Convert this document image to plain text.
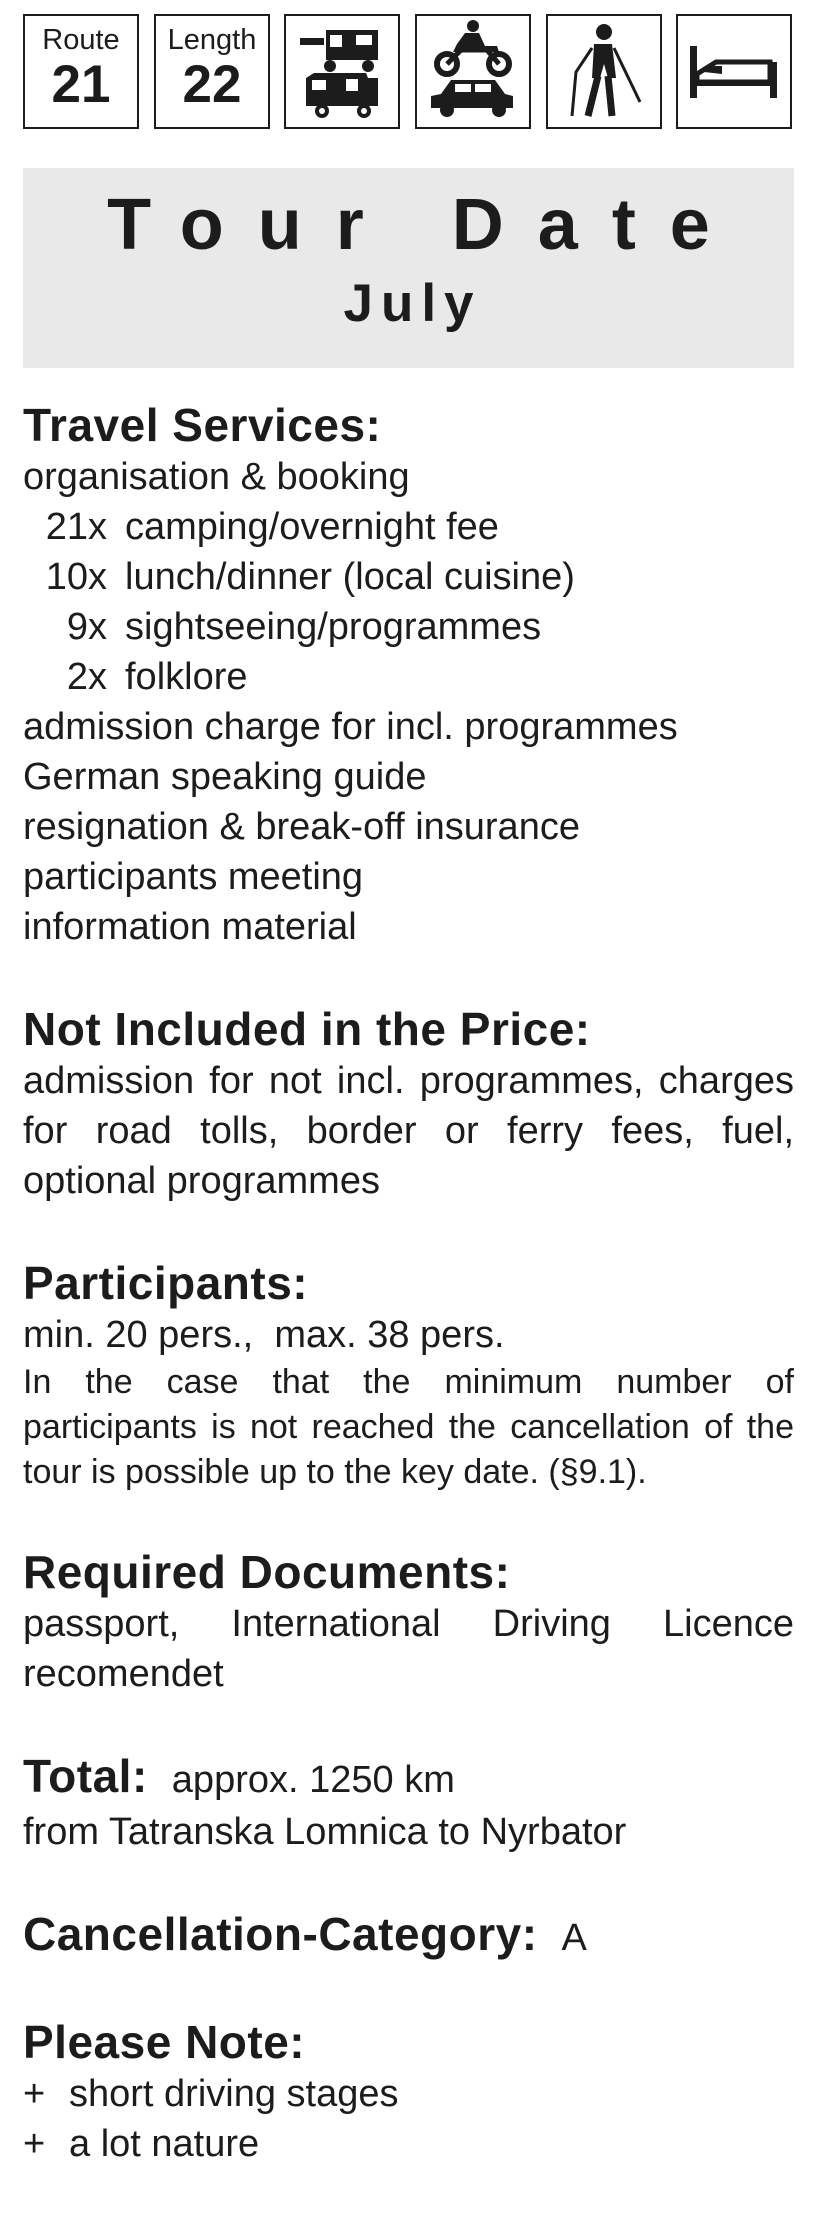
Route
21
Length
22
Tour Date
July
Travel Services:
organisation & booking
21x camping/overnight fee
10x lunch/dinner (local cuisine)
9x sightseeing/programmes
2x folklore
admission charge for incl. programmes
German speaking guide
resignation & break-off insurance
participants meeting
information material
Not Included in the Price:
admission for not incl. programmes, charges for road tolls, border or ferry fees, fuel, optional programmes
Participants:
min. 20 pers.,  max. 38 pers.
In the case that the minimum number of participants is not reached the cancellation of the tour is possible up to the key date. (§9.1).
Required Documents:
passport, International Driving Licence recomendet
Total: approx. 1250 km
from Tatranska Lomnica to Nyrbator
Cancellation-Category: A
Please Note:
+ short driving stages
+ a lot nature
